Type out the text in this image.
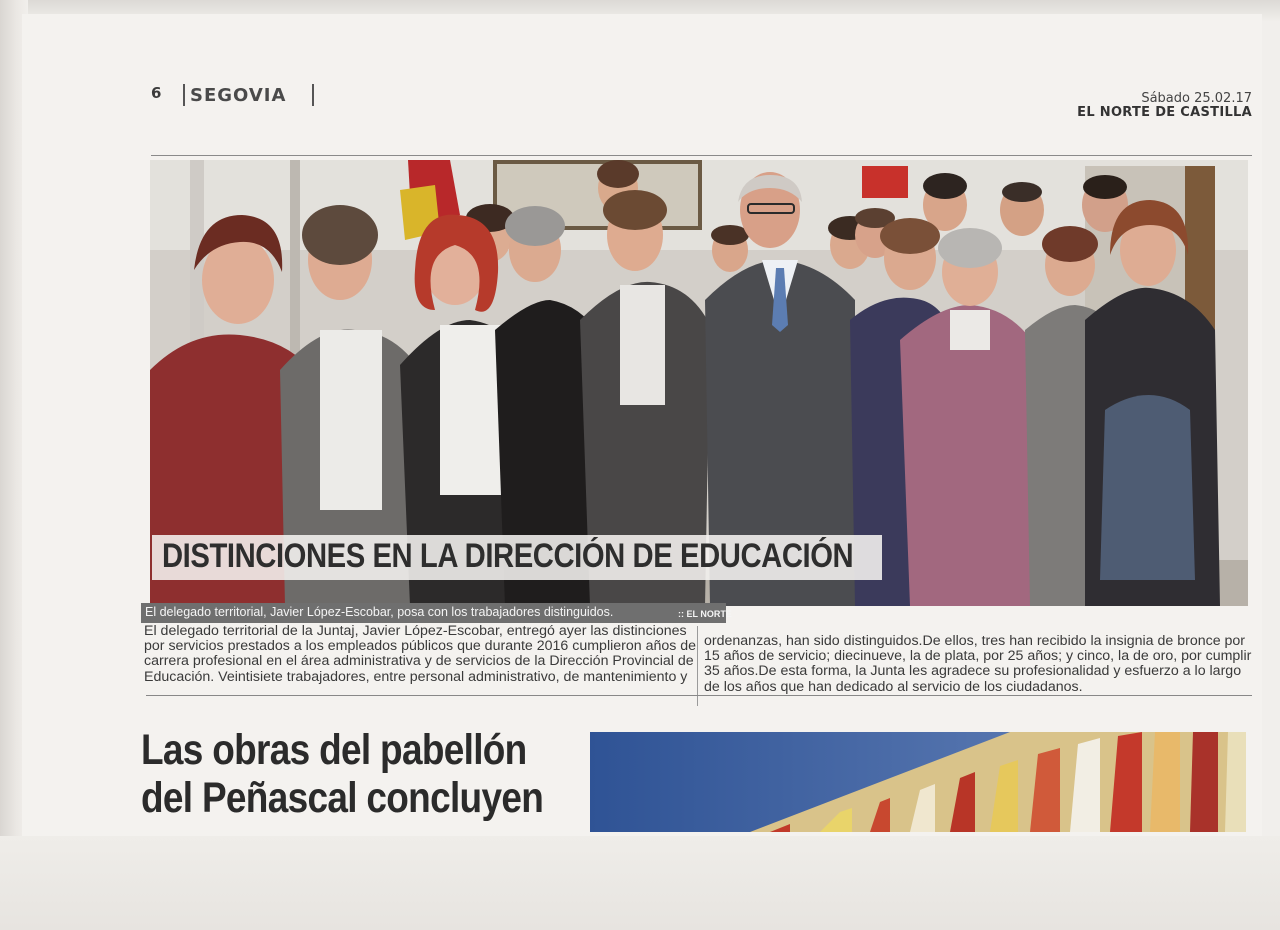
6 SEGOVIA	Sábado 25.02.17
EL NORTE DE CASTILLA
DISTINCIONES EN LA DIRECCIÓN DE EDUCACIÓN
El delegado territorial, Javier López-Escobar, posa con los trabajadores distinguidos.	:: EL NORTE

El delegado territorial de la Juntaj, Javier López-Escobar, entregó ayer las distinciones

por servicios prestados a los empleados públicos que durante 2016 cumplieron años de

carrera profesional en el área administrativa y de servicios de la Dirección Provincial de

Educación. Veintisiete trabajadores, entre personal administrativo, de mantenimiento y

ordenanzas, han sido distinguidos.De ellos, tres han recibido la insignia de bronce por

15 años de servicio; diecinueve, la de plata, por 25 años; y cinco, la de oro, por cumplir

35 años.De esta forma, la Junta les agradece su profesionalidad y esfuerzo a lo largo

de los años que han dedicado al servicio de los ciudadanos.

Las obras del pabellón

del Peñascal concluyen
